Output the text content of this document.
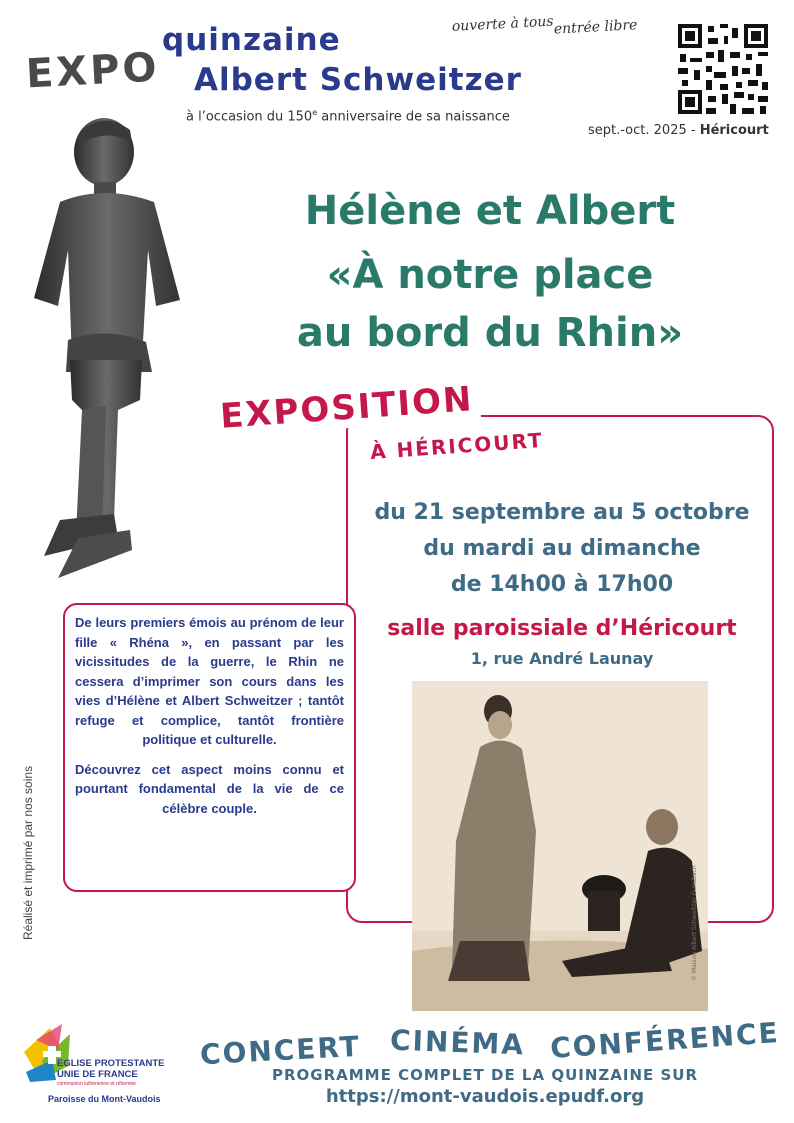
EXPO
quinzaine
Albert Schweitzer
à l’occasion du 150e anniversaire de sa naissance
ouverte à tousentrée libre
sept.-oct. 2025 - Héricourt
Hélène et Albert
«À notre place
au bord du Rhin»
EXPOSITION
À HÉRICOURT
du 21 septembre au 5 octobre
du mardi au dimanche
de 14h00 à 17h00
salle paroissiale d’Héricourt
1, rue André Launay
© Maison Albert Schweitzer Gunsbach

De leurs premiers émois au prénom de leur fille « Rhéna », en passant par les vicissitudes de la guerre, le Rhin ne cessera d’imprimer son cours dans les vies d’Hélène et Albert Schweitzer ; tantôt refuge et complice, tantôt frontière politique et culturelle.

Découvrez cet aspect moins connu et pourtant fondamental de la vie de ce célèbre couple.

Réalisé et imprimé par nos soins
EGLISE PROTESTANTE
UNIE DE FRANCE
communion luthérienne et réformée
Paroisse du Mont-Vaudois
CONCERT CINÉMA CONFÉRENCE
PROGRAMME COMPLET DE LA QUINZAINE SUR
https://mont-vaudois.epudf.org
